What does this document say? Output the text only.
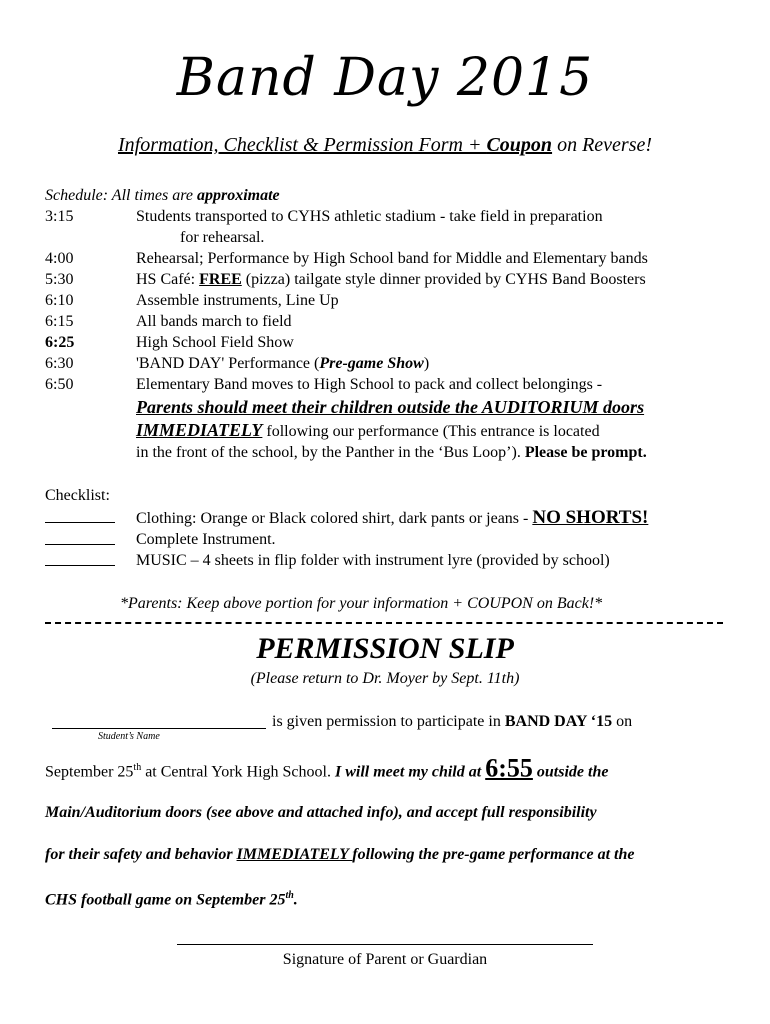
Band Day 2015
Information, Checklist & Permission Form + Coupon on Reverse!
Schedule: All times are approximate
3:15	Students transported to CYHS athletic stadium - take field in preparation
for rehearsal.
4:00	Rehearsal; Performance by High School band for Middle and Elementary bands
5:30	HS Café: FREE (pizza) tailgate style dinner provided by CYHS Band Boosters
6:10	Assemble instruments, Line Up
6:15	All bands march to field
6:25	High School Field Show
6:30	'BAND DAY' Performance (Pre-game Show)
6:50	Elementary Band moves to High School to pack and collect belongings -
Parents should meet their children outside the AUDITORIUM doors
IMMEDIATELY following our performance (This entrance is located
in the front of the school, by the Panther in the ‘Bus Loop’). Please be prompt.
Checklist:
Clothing: Orange or Black colored shirt, dark pants or jeans - NO SHORTS!
Complete Instrument.
MUSIC – 4 sheets in flip folder with instrument lyre (provided by school)
*Parents: Keep above portion for your information + COUPON on Back!*
PERMISSION SLIP
(Please return to Dr. Moyer by Sept. 11th)
Student’s Name
is given permission to participate in BAND DAY ‘15 on
September 25th at Central York High School. I will meet my child at 6:55 outside the
Main/Auditorium doors (see above and attached info), and accept full responsibility
for their safety and behavior IMMEDIATELY following the pre-game performance at the
CHS football game on September 25th.
Signature of Parent or Guardian
